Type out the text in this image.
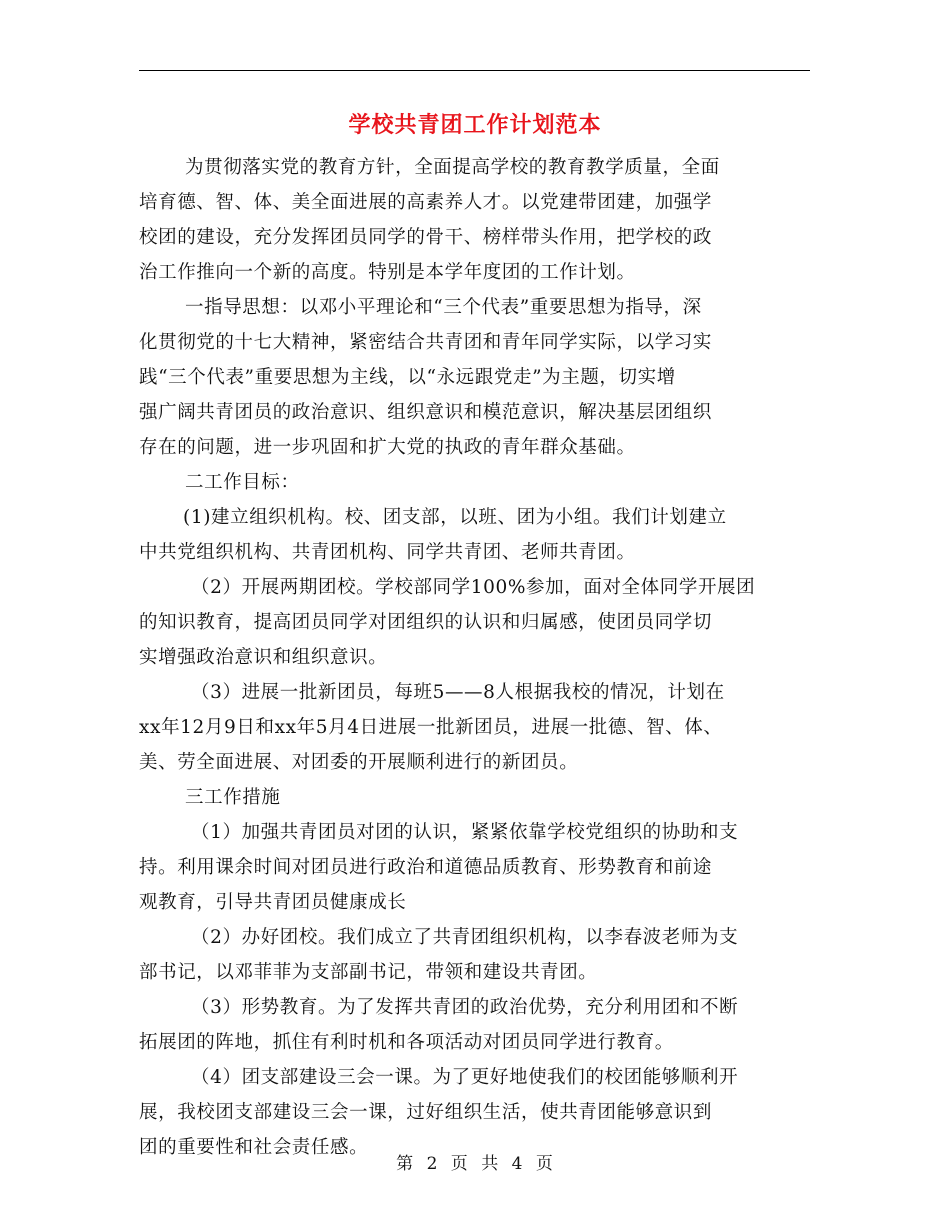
学校共青团工作计划范本
为贯彻落实党的教育方针，全面提高学校的教育教学质量，全面
培育德、智、体、美全面进展的高素养人才。以党建带团建，加强学
校团的建设，充分发挥团员同学的骨干、榜样带头作用，把学校的政
治工作推向一个新的高度。特别是本学年度团的工作计划。
一指导思想：以邓小平理论和“三个代表”重要思想为指导，深
化贯彻党的十七大精神，紧密结合共青团和青年同学实际，以学习实
践“三个代表”重要思想为主线，以“永远跟党走”为主题，切实增
强广阔共青团员的政治意识、组织意识和模范意识，解决基层团组织
存在的问题，进一步巩固和扩大党的执政的青年群众基础。
二工作目标：
(1)建立组织机构。校、团支部，以班、团为小组。我们计划建立
中共党组织机构、共青团机构、同学共青团、老师共青团。
（2）开展两期团校。学校部同学100%参加，面对全体同学开展团
的知识教育，提高团员同学对团组织的认识和归属感，使团员同学切
实增强政治意识和组织意识。
（3）进展一批新团员，每班5——8人根据我校的情况，计划在
xx年12月9日和xx年5月4日进展一批新团员，进展一批德、智、体、
美、劳全面进展、对团委的开展顺利进行的新团员。
三工作措施
（1）加强共青团员对团的认识，紧紧依靠学校党组织的协助和支
持。利用课余时间对团员进行政治和道德品质教育、形势教育和前途
观教育，引导共青团员健康成长
（2）办好团校。我们成立了共青团组织机构，以李春波老师为支
部书记，以邓菲菲为支部副书记，带领和建设共青团。
（3）形势教育。为了发挥共青团的政治优势，充分利用团和不断
拓展团的阵地，抓住有利时机和各项活动对团员同学进行教育。
（4）团支部建设三会一课。为了更好地使我们的校团能够顺利开
展，我校团支部建设三会一课，过好组织生活，使共青团能够意识到
团的重要性和社会责任感。
第 2 页 共 4 页
